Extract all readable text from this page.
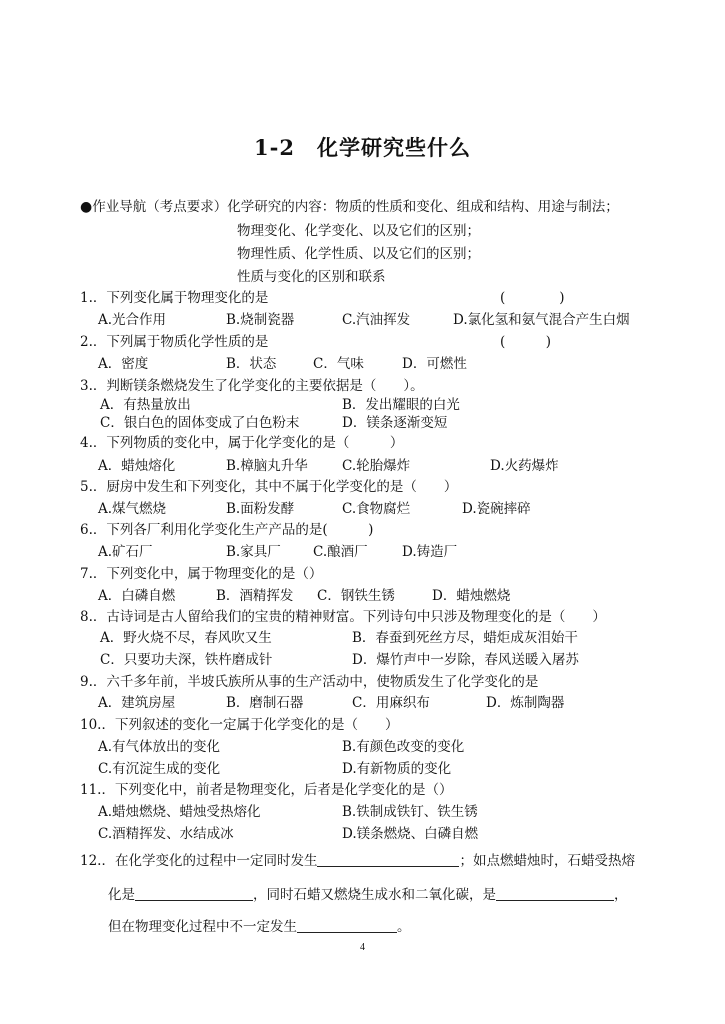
1-2　化学研究些什么
●作业导航（考点要求）化学研究的内容：物质的性质和变化、组成和结构、用途与制法；
物理变化、化学变化、以及它们的区别；
物理性质、化学性质、以及它们的区别；
性质与变化的区别和联系
1.．下列变化属于物理变化的是	(　　　　)
A.光合作用	B.烧制瓷器	C.汽油挥发	D.氯化氢和氨气混合产生白烟
2.．下列属于物质化学性质的是	(　　　)
A．密度	B．状态	C．气味	D．可燃性
3.．判断镁条燃烧发生了化学变化的主要依据是（　　）。
A．有热量放出	B．发出耀眼的白光
C．银白色的固体变成了白色粉末	D．镁条逐渐变短
4.．下列物质的变化中，属于化学变化的是（　　　）
A．蜡烛熔化	B.樟脑丸升华	C.轮胎爆炸	D.火药爆炸
5.．厨房中发生和下列变化，其中不属于化学变化的是（　　）
A.煤气燃烧	B.面粉发酵	C.食物腐烂	D.瓷碗摔碎
6.．下列各厂利用化学变化生产产品的是(　　　)
A.矿石厂	B.家具厂 C.酿酒厂	D.铸造厂
7.．下列变化中，属于物理变化的是（）
A．白磷自燃	B．酒精挥发 C．钢铁生锈	D．蜡烛燃烧
8.．古诗词是古人留给我们的宝贵的精神财富。下列诗句中只涉及物理变化的是（　　）
A．野火烧不尽，春风吹又生	B．春蚕到死丝方尽，蜡炬成灰泪始干
C．只要功夫深，铁杵磨成针	D．爆竹声中一岁除，春风送暖入屠苏
9.．六千多年前，半坡氏族所从事的生产活动中，使物质发生了化学变化的是
A．建筑房屋	B．磨制石器	C．用麻织布	D．炼制陶器
10.．下列叙述的变化一定属于化学变化的是（　　）
A.有气体放出的变化	B.有颜色改变的变化
C.有沉淀生成的变化	D.有新物质的变化
11.．下列变化中，前者是物理变化，后者是化学变化的是（）
A.蜡烛燃烧、蜡烛受热熔化	B.铁制成铁钉、铁生锈
C.酒精挥发、水结成冰	D.镁条燃烧、白磷自燃
12.．在化学变化的过程中一定同时发生	；如点燃蜡烛时，石蜡受热熔
化是	，同时石蜡又燃烧生成水和二氧化碳，是	，
但在物理变化过程中不一定发生	。
4
